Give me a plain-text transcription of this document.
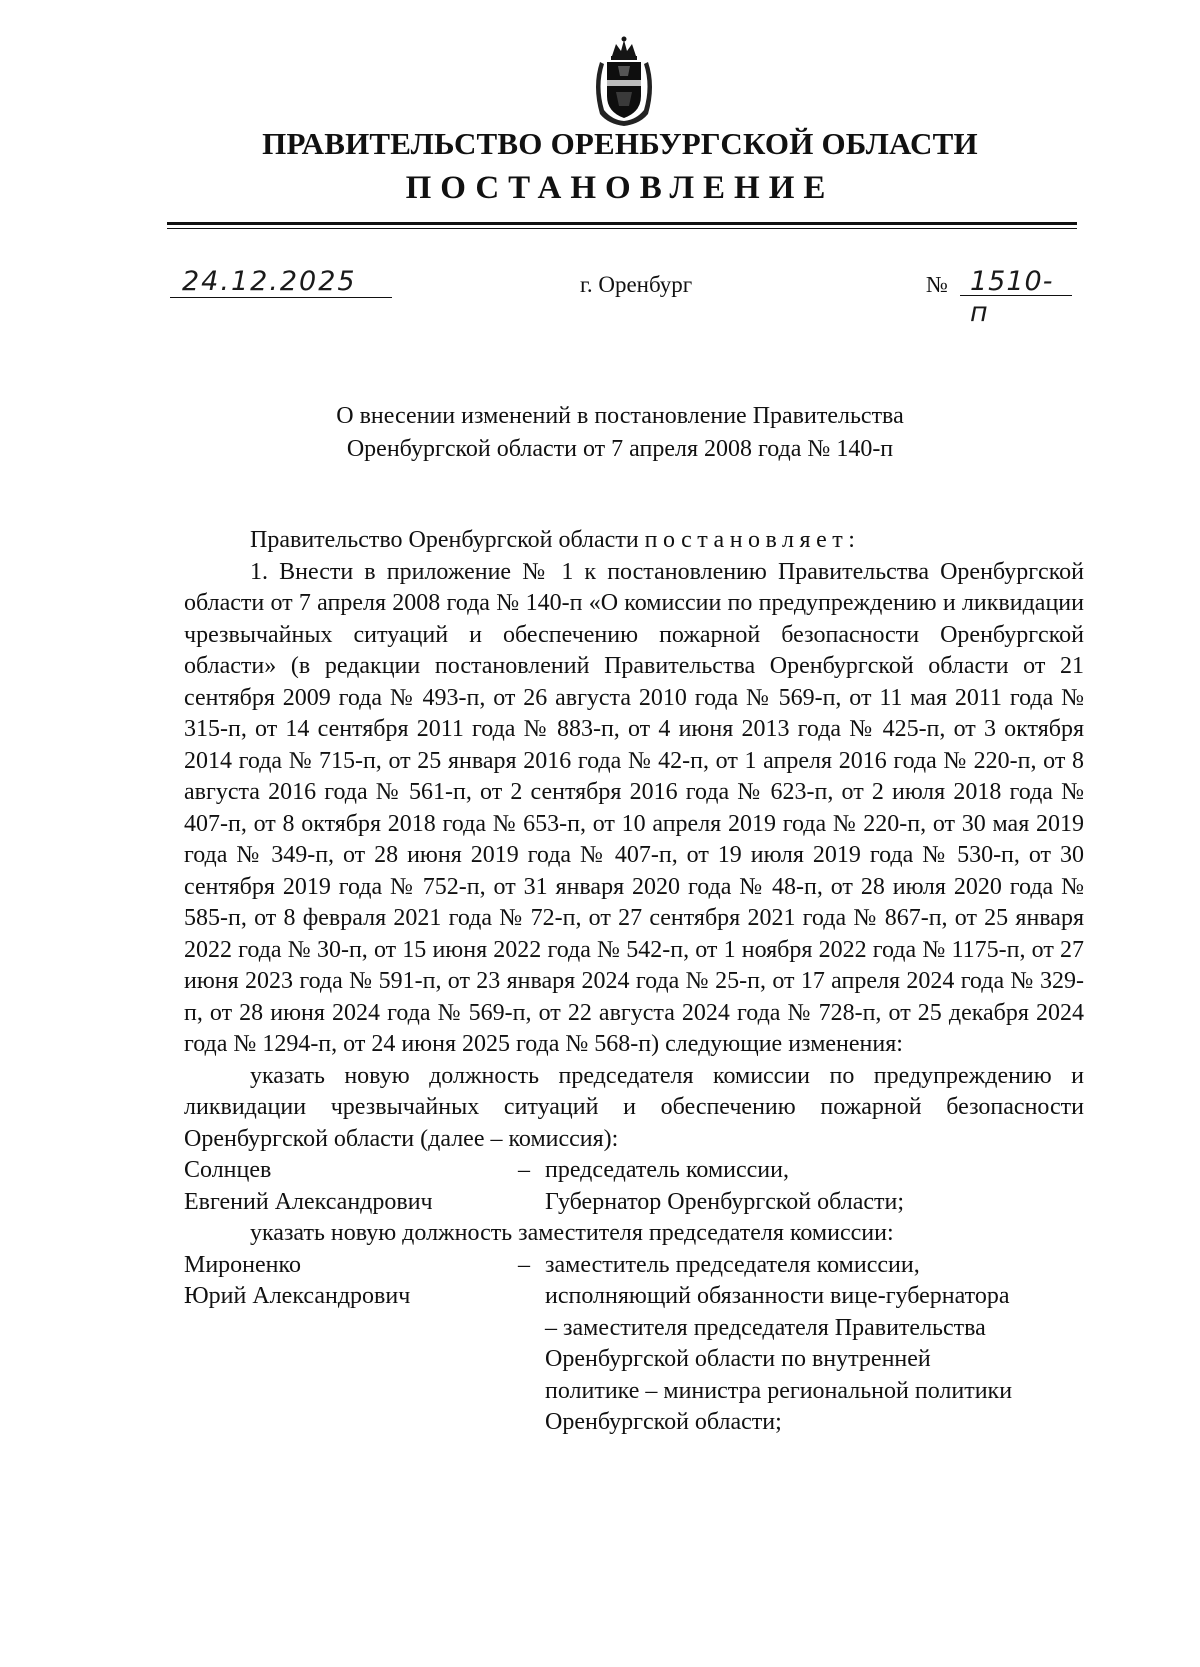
ПРАВИТЕЛЬСТВО ОРЕНБУРГСКОЙ ОБЛАСТИ
ПОСТАНОВЛЕНИЕ
24.12.2025	г. Оренбург	№ 1510-п
О внесении изменений в постановление Правительства
Оренбургской области от 7 апреля 2008 года № 140-п

Правительство Оренбургской области постановляет:

1. Внести в приложение № 1 к постановлению Правительства Оренбургской области от 7 апреля 2008 года № 140-п «О комиссии по предупреждению и ликвидации чрезвычайных ситуаций и обеспечению пожарной безопасности Оренбургской области» (в редакции постановлений Правительства Оренбургской области от 21 сентября 2009 года № 493-п, от 26 августа 2010 года № 569-п, от 11 мая 2011 года № 315-п, от 14 сентября 2011 года № 883-п, от 4 июня 2013 года № 425-п, от 3 октября 2014 года № 715-п, от 25 января 2016 года № 42-п, от 1 апреля 2016 года № 220-п, от 8 августа 2016 года № 561-п, от 2 сентября 2016 года № 623-п, от 2 июля 2018 года № 407-п, от 8 октября 2018 года № 653-п, от 10 апреля 2019 года № 220-п, от 30 мая 2019 года № 349-п, от 28 июня 2019 года № 407-п, от 19 июля 2019 года № 530-п, от 30 сентября 2019 года № 752-п, от 31 января 2020 года № 48-п, от 28 июля 2020 года № 585-п, от 8 февраля 2021 года № 72-п, от 27 сентября 2021 года № 867-п, от 25 января 2022 года № 30-п, от 15 июня 2022 года № 542-п, от 1 ноября 2022 года № 1175-п, от 27 июня 2023 года № 591-п, от 23 января 2024 года № 25-п, от 17 апреля 2024 года № 329-п, от 28 июня 2024 года № 569-п, от 22 августа 2024 года № 728-п, от 25 декабря 2024 года № 1294-п, от 24 июня 2025 года № 568-п) следующие изменения:

указать новую должность председателя комиссии по предупреждению и ликвидации чрезвычайных ситуаций и обеспечению пожарной безопасности Оренбургской области (далее – комиссия):

Солнцев
Евгений Александрович
– председатель комиссии,
Губернатор Оренбургской области;

указать новую должность заместителя председателя комиссии:

Мироненко
Юрий Александрович
– заместитель председателя комиссии, исполняющий обязанности вице-губернатора – заместителя председателя Правительства Оренбургской области по внутренней политике – министра региональной политики Оренбургской области;
